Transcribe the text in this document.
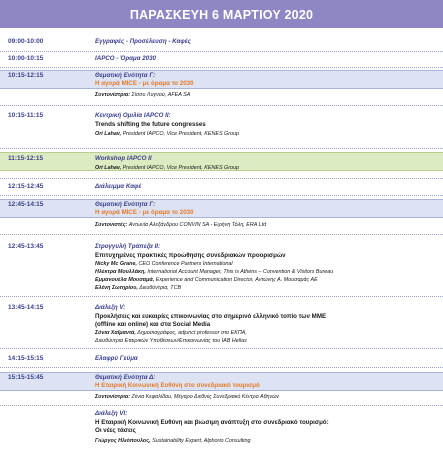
ΠΑΡΑΣΚΕΥΗ 6 ΜΑΡΤΙΟΥ 2020
09:00-10:00	Εγγραφές - Προσέλευση - Καφές
10:00-10:15	IAPCO - Όραμα 2030
10:15-12:15	Θεματική Ενότητα Γ:
Η αγορά MICE - με όραμα το 2030
Συντονίστρια: Σίσσυ Λυγνού, AFEA SA
10:15-11:15	Κεντρική Ομιλία IAPCO II:
Trends shifting the future congresses
Ori Lahav, President IAPCO, Vice President, KENES Group
11:15-12:15	Workshop IAPCO II
Ori Lahav, President IAPCO, Vice President, KENES Group
12:15-12:45	Διάλειμμα Καφέ
12:45-14:15	Θεματική Ενότητα Γ:
Η αγορά MICE - με όραμα το 2030
Συντονιστές: Αντωνία Αλεξάνδρου CONVIN SA - Ειρήνη Τόλη, ERA Ltd
12:45-13:45	Στρογγυλή Τράπεζα ΙΙ:
Επιτυχημένες πρακτικές προώθησης συνεδριακών προορισμών
Nicky Mc Grane, CEO Conference Partners International
Ηλέκτρα Μουλλάκη, International Account Manager, This is Athens – Convention & Visitors Bureau
Εμμανουέλα Μουσαμά, Experience and Communication Director, Αντώνης Α. Μουσαμάς ΑΕ
Ελένη Σωτηρίου, Διευθύντρια, TCB
13:45-14:15	Διάλεξη V:
Προκλήσεις και ευκαιρίες επικοινωνίας στο σημερινό ελληνικό τοπίο των MME
(offline και online) και στα Social Media
Σόνια Χαϊμαντά, Δημοσιογράφος, adjunct professor στο ΕΚΠΑ,
Διευθύντρια Εταιρικών Υποθέσεων/Επικοινωνίας του IAB Hellas
14:15-15:15	Ελαφρύ Γεύμα
15:15-15:45	Θεματική Ενότητα Δ:
Η Εταιρική Κοινωνική Ευθύνη στο συνεδριακό τουρισμό
Συντονίστρια: Ζένια Κεφαλίδου, Μέγαρο Διεθνές Συνεδριακό Κέντρο Αθηνών
Διάλεξη VI:
Η Εταιρική Κοινωνική Ευθύνη και βιώσιμη ανάπτυξη στο συνεδριακό τουρισμό:
Οι νέες τάσεις
Γιώργος Ηλιόπουλος, Sustainability Expert, Alphorio Consulting
